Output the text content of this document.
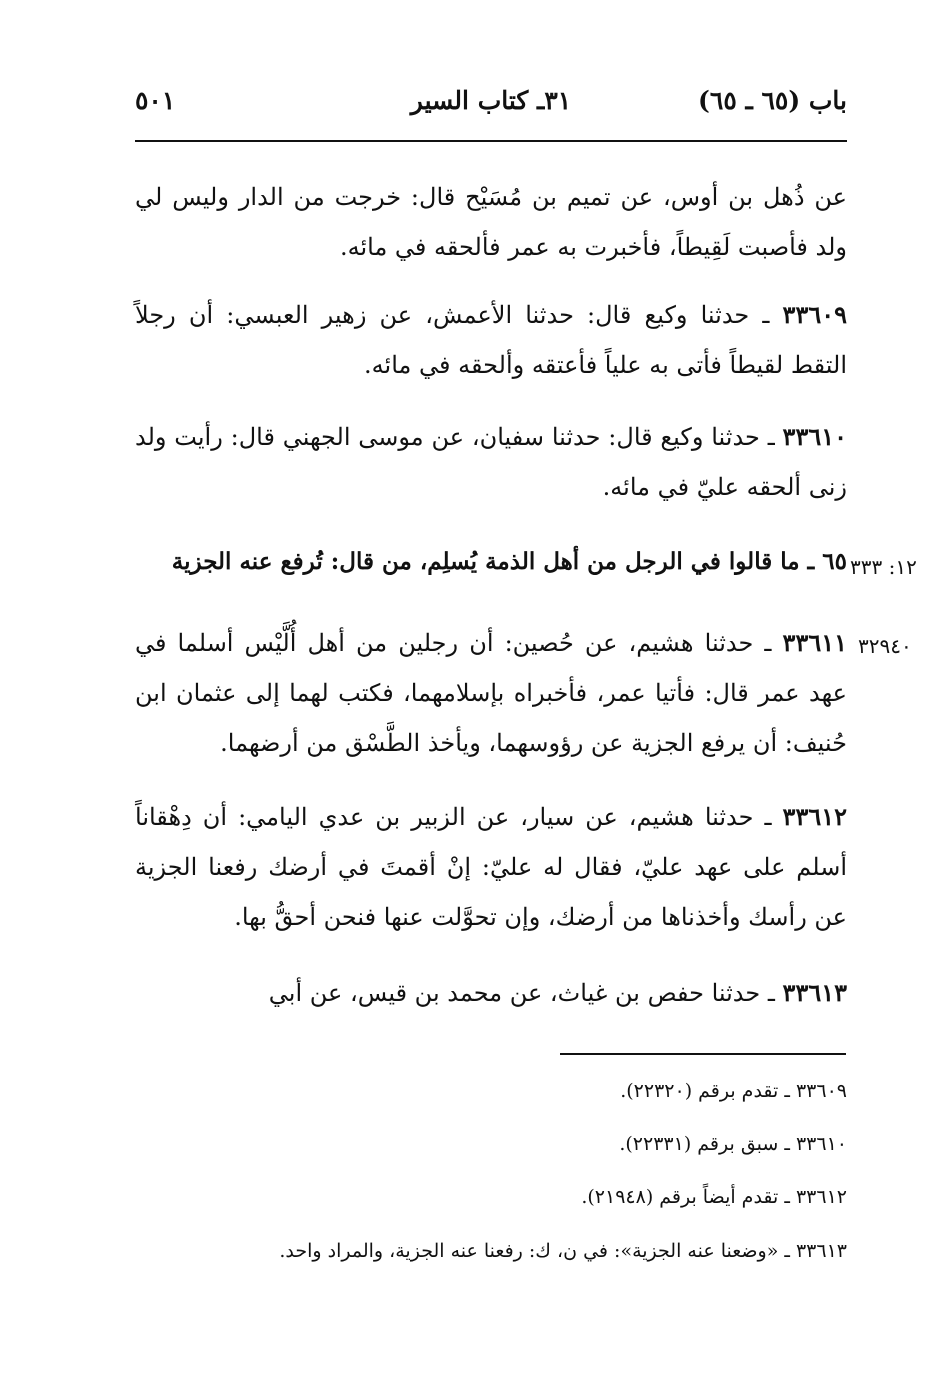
باب (٦٥ ـ ٦٥)
٣١ـ كتاب السير
٥٠١
عن ذُهل بن أوس، عن تميم بن مُسَيْح قال: خرجت من الدار وليس لي ولد فأصبت لَقِيطاً، فأخبرت به عمر فألحقه في مائه.
٣٣٦٠٩ ـ حدثنا وكيع قال: حدثنا الأعمش، عن زهير العبسي: أن رجلاً التقط لقيطاً فأتى به علياً فأعتقه وألحقه في مائه.
٣٣٦١٠ ـ حدثنا وكيع قال: حدثنا سفيان، عن موسى الجهني قال: رأيت ولد زنى ألحقه عليّ في مائه.
١٢: ٣٣٣
٦٥ ـ ما قالوا في الرجل من أهل الذمة يُسلِم، من قال: تُرفع عنه الجزية
٣٢٩٤٠
٣٣٦١١ ـ حدثنا هشيم، عن حُصين: أن رجلين من أهل أُلَّيْس أسلما في عهد عمر قال: فأتيا عمر، فأخبراه بإسلامهما، فكتب لهما إلى عثمان ابن حُنيف: أن يرفع الجزية عن رؤوسهما، ويأخذ الطَّسْق من أرضهما.
٣٣٦١٢ ـ حدثنا هشيم، عن سيار، عن الزبير بن عدي اليامي: أن دِهْقاناً أسلم على عهد عليّ، فقال له عليّ: إنْ أقمتَ في أرضك رفعنا الجزية عن رأسك وأخذناها من أرضك، وإن تحوَّلت عنها فنحن أحقُّ بها.
٣٣٦١٣ ـ حدثنا حفص بن غياث، عن محمد بن قيس، عن أبي
٣٣٦٠٩ ـ تقدم برقم (٢٢٣٢٠).
٣٣٦١٠ ـ سبق برقم (٢٢٣٣١).
٣٣٦١٢ ـ تقدم أيضاً برقم (٢١٩٤٨).
٣٣٦١٣ ـ «وضعنا عنه الجزية»: في ن، ك: رفعنا عنه الجزية، والمراد واحد.
